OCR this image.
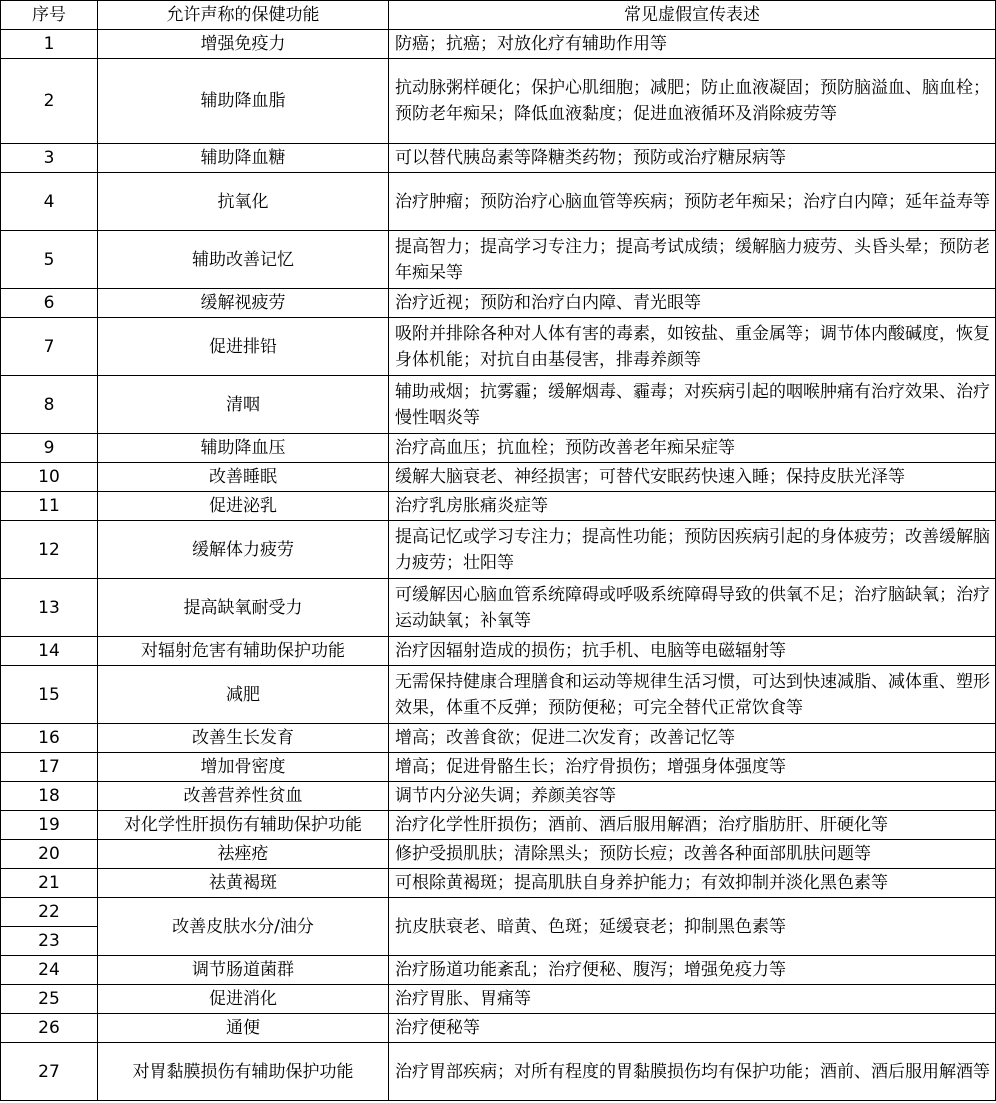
序号	允许声称的保健功能	常见虚假宣传表述
1	增强免疫力	防癌；抗癌；对放化疗有辅助作用等
2	辅助降血脂	抗动脉粥样硬化；保护心肌细胞；减肥；防止血液凝固；预防脑溢血、脑血栓；预防老年痴呆；降低血液黏度；促进血液循环及消除疲劳等
3	辅助降血糖	可以替代胰岛素等降糖类药物；预防或治疗糖尿病等
4	抗氧化	治疗肿瘤；预防治疗心脑血管等疾病；预防老年痴呆；治疗白内障；延年益寿等
5	辅助改善记忆	提高智力；提高学习专注力；提高考试成绩；缓解脑力疲劳、头昏头晕；预防老年痴呆等
6	缓解视疲劳	治疗近视；预防和治疗白内障、青光眼等
7	促进排铅	吸附并排除各种对人体有害的毒素，如铵盐、重金属等；调节体内酸碱度，恢复身体机能；对抗自由基侵害，排毒养颜等
8	清咽	辅助戒烟；抗雾霾；缓解烟毒、霾毒；对疾病引起的咽喉肿痛有治疗效果、治疗慢性咽炎等
9	辅助降血压	治疗高血压；抗血栓；预防改善老年痴呆症等
10	改善睡眠	缓解大脑衰老、神经损害；可替代安眠药快速入睡；保持皮肤光泽等
11	促进泌乳	治疗乳房胀痛炎症等
12	缓解体力疲劳	提高记忆或学习专注力；提高性功能；预防因疾病引起的身体疲劳；改善缓解脑力疲劳；壮阳等
13	提高缺氧耐受力	可缓解因心脑血管系统障碍或呼吸系统障碍导致的供氧不足；治疗脑缺氧；治疗运动缺氧；补氧等
14	对辐射危害有辅助保护功能	治疗因辐射造成的损伤；抗手机、电脑等电磁辐射等
15	减肥	无需保持健康合理膳食和运动等规律生活习惯，可达到快速减脂、减体重、塑形效果，体重不反弹；预防便秘；可完全替代正常饮食等
16	改善生长发育	增高；改善食欲；促进二次发育；改善记忆等
17	增加骨密度	增高；促进骨骼生长；治疗骨损伤；增强身体强度等
18	改善营养性贫血	调节内分泌失调；养颜美容等
19	对化学性肝损伤有辅助保护功能	治疗化学性肝损伤；酒前、酒后服用解酒；治疗脂肪肝、肝硬化等
20	祛痤疮	修护受损肌肤；清除黑头；预防长痘；改善各种面部肌肤问题等
21	祛黄褐斑	可根除黄褐斑；提高肌肤自身养护能力；有效抑制并淡化黑色素等
22	改善皮肤水分/油分	抗皮肤衰老、暗黄、色斑；延缓衰老；抑制黑色素等
23		
24	调节肠道菌群	治疗肠道功能紊乱；治疗便秘、腹泻；增强免疫力等
25	促进消化	治疗胃胀、胃痛等
26	通便	治疗便秘等
27	对胃黏膜损伤有辅助保护功能	治疗胃部疾病；对所有程度的胃黏膜损伤均有保护功能；酒前、酒后服用解酒等
